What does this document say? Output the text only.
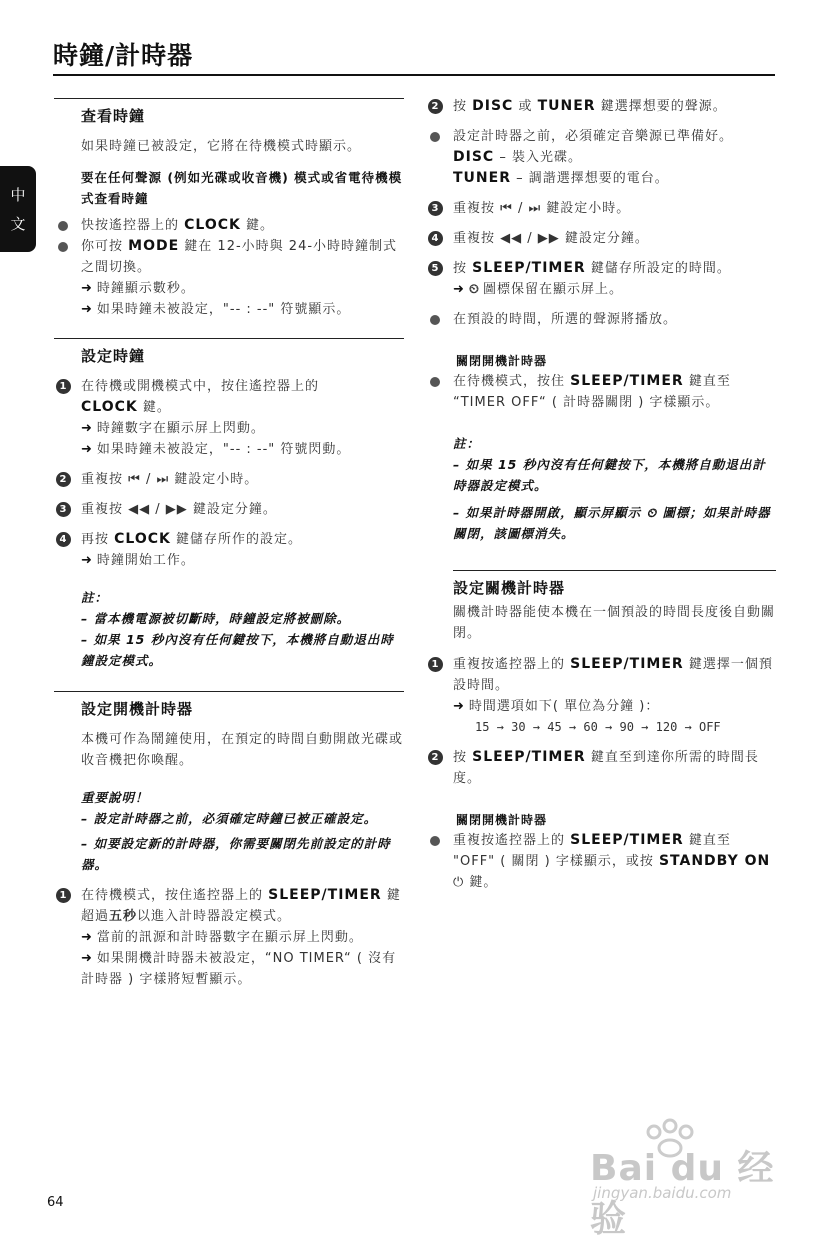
時鐘/計時器
中
文
查看時鐘
如果時鐘已被設定，它將在待機模式時顯示。
要在任何聲源 (例如光碟或收音機) 模式或省電待機模式查看時鐘
快按遙控器上的 CLOCK 鍵。
你可按 MODE 鍵在 12-小時與 24-小時時鐘制式之間切換。
➜ 時鐘顯示數秒。
➜ 如果時鐘未被設定，"-- : --" 符號顯示。
設定時鐘
1 在待機或開機模式中，按住遙控器上的
CLOCK 鍵。
➜ 時鐘數字在顯示屏上閃動。
➜ 如果時鐘未被設定，"-- : --" 符號閃動。
2 重複按 ⏮ / ⏭ 鍵設定小時。
3 重複按 ◀◀ / ▶▶ 鍵設定分鐘。
4 再按 CLOCK 鍵儲存所作的設定。
➜ 時鐘開始工作。
註：
– 當本機電源被切斷時，時鐘設定將被刪除。
– 如果 15 秒內沒有任何鍵按下，本機將自動退出時鐘設定模式。
設定開機計時器
本機可作為鬧鐘使用，在預定的時間自動開啟光碟或收音機把你喚醒。
重要說明！
– 設定計時器之前，必須確定時鐘已被正確設定。
– 如要設定新的計時器，你需要關閉先前設定的計時器。
1 在待機模式，按住遙控器上的 SLEEP/TIMER 鍵超過五秒以進入計時器設定模式。
➜ 當前的訊源和計時器數字在顯示屏上閃動。
➜ 如果開機計時器未被設定，“NO TIMER“ ( 沒有計時器 ) 字樣將短暫顯示。
2 按 DISC 或 TUNER 鍵選擇想要的聲源。
設定計時器之前，必須確定音樂源已準備好。
DISC – 裝入光碟。
TUNER – 調諧選擇想要的電台。
3 重複按 ⏮ / ⏭ 鍵設定小時。
4 重複按 ◀◀ / ▶▶ 鍵設定分鐘。
5 按 SLEEP/TIMER 鍵儲存所設定的時間。
➜ ⏲ 圖標保留在顯示屏上。
在預設的時間，所選的聲源將播放。
關閉開機計時器
在待機模式，按住 SLEEP/TIMER 鍵直至 “TIMER OFF“ ( 計時器關閉 ) 字樣顯示。
註：
– 如果 15 秒內沒有任何鍵按下，本機將自動退出計時器設定模式。
– 如果計時器開啟，顯示屏顯示 ⏲ 圖標；如果計時器關閉，該圖標消失。
設定關機計時器
關機計時器能使本機在一個預設的時間長度後自動關閉。
1 重複按遙控器上的 SLEEP/TIMER 鍵選擇一個預設時間。
➜ 時間選項如下( 單位為分鐘 )：
15 → 30 → 45 → 60 → 90 → 120 → OFF
2 按 SLEEP/TIMER 鍵直至到達你所需的時間長度。
關閉開機計時器
重複按遙控器上的 SLEEP/TIMER 鍵直至 "OFF" ( 關閉 ) 字樣顯示，或按 STANDBY ON ⏻ 鍵。
Bai du 经验
jingyan.baidu.com
64
